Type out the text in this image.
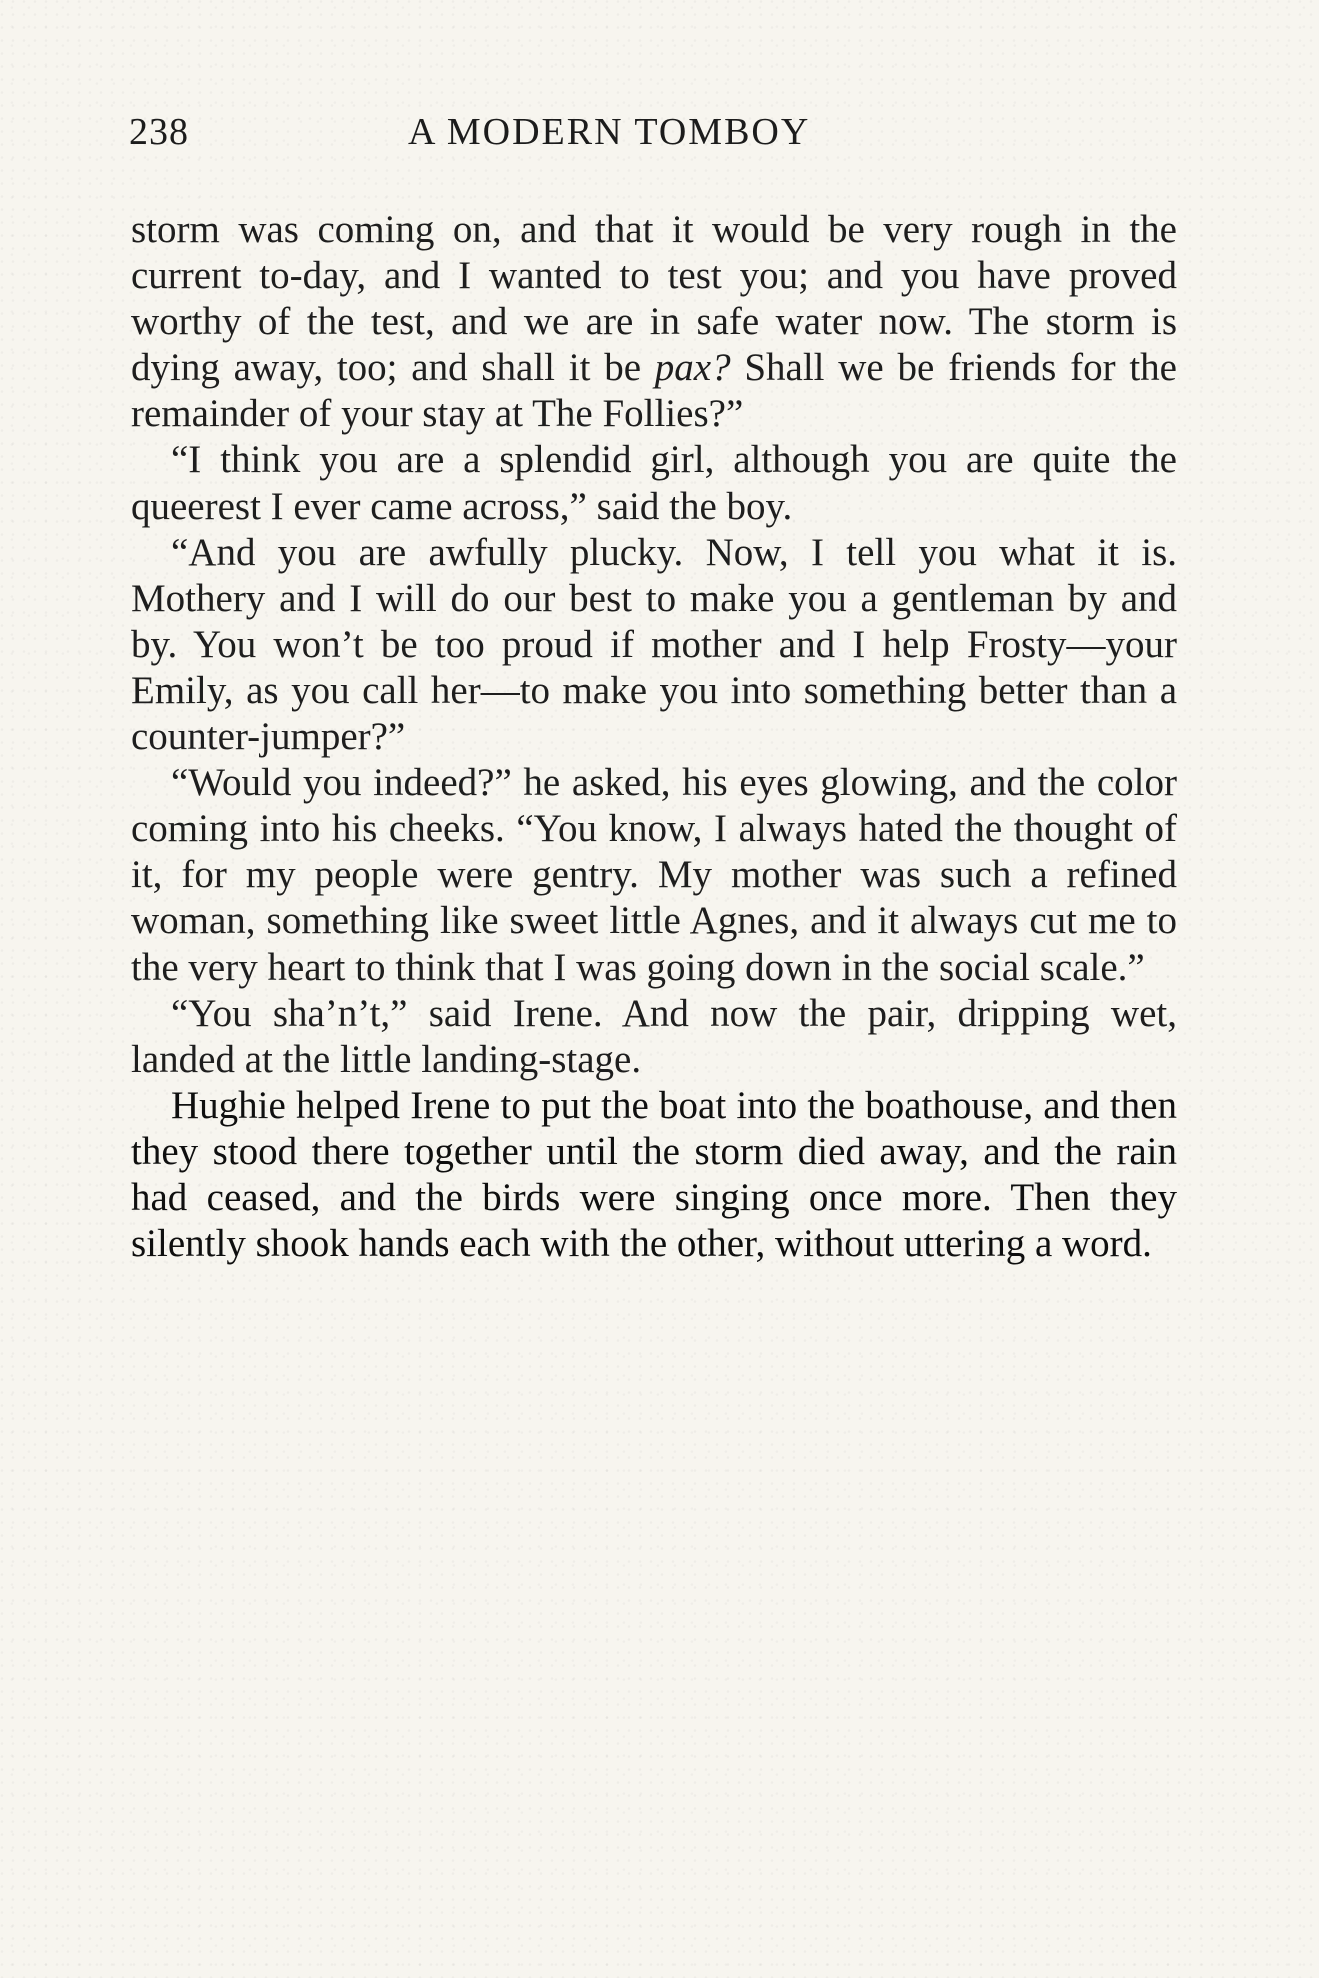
238	A MODERN TOMBOY

storm was coming on, and that it would be very rough in the current to-day, and I wanted to test you; and you have proved worthy of the test, and we are in safe water now. The storm is dying away, too; and shall it be pax? Shall we be friends for the remainder of your stay at The Follies?”

“I think you are a splendid girl, although you are quite the queerest I ever came across,” said the boy.

“And you are awfully plucky. Now, I tell you what it is. Mothery and I will do our best to make you a gentleman by and by. You won’t be too proud if mother and I help Frosty—your Emily, as you call her—to make you into something better than a counter-jumper?”

“Would you indeed?” he asked, his eyes glowing, and the color coming into his cheeks. “You know, I always hated the thought of it, for my people were gentry. My mother was such a refined woman, something like sweet little Agnes, and it always cut me to the very heart to think that I was going down in the social scale.”

“You sha’n’t,” said Irene. And now the pair, dripping wet, landed at the little landing-stage.

Hughie helped Irene to put the boat into the boathouse, and then they stood there together until the storm died away, and the rain had ceased, and the birds were singing once more. Then they silently shook hands each with the other, without uttering a word.
